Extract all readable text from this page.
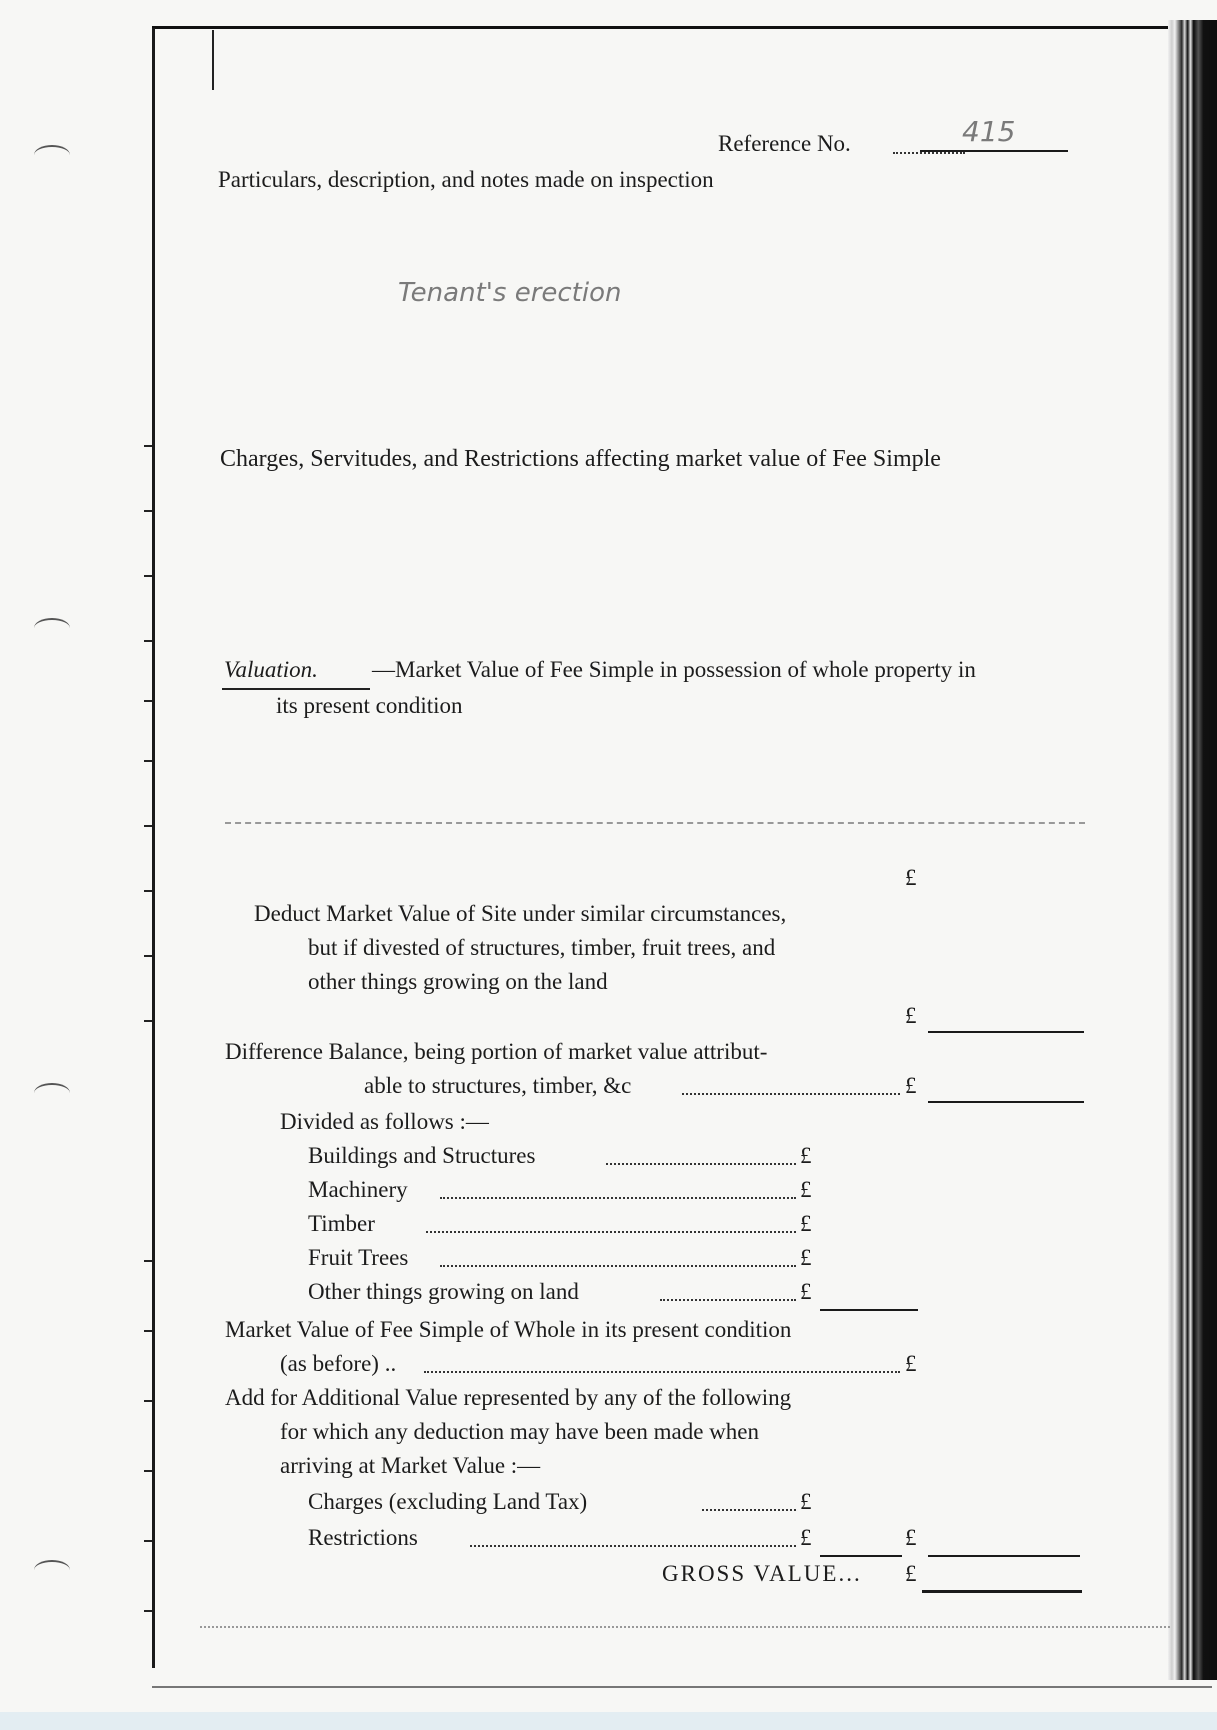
Reference No.	415
Particulars, description, and notes made on inspection
Tenant's erection
Charges, Servitudes, and Restrictions affecting market value of Fee Simple
Valuation. —Market Value of Fee Simple in possession of whole property in
its present condition
£
Deduct Market Value of Site under similar circumstances,
but if divested of structures, timber, fruit trees, and
other things growing on the land
£
Difference Balance, being portion of market value attribut-
able to structures, timber, &c	£
Divided as follows :—
Buildings and Structures	£
Machinery	£
Timber	£
Fruit Trees	£
Other things growing on land	£
Market Value of Fee Simple of Whole in its present condition
(as before) ..	£
Add for Additional Value represented by any of the following
for which any deduction may have been made when
arriving at Market Value :—
Charges (excluding Land Tax)	£
Restrictions	£	£
GROSS VALUE... £
